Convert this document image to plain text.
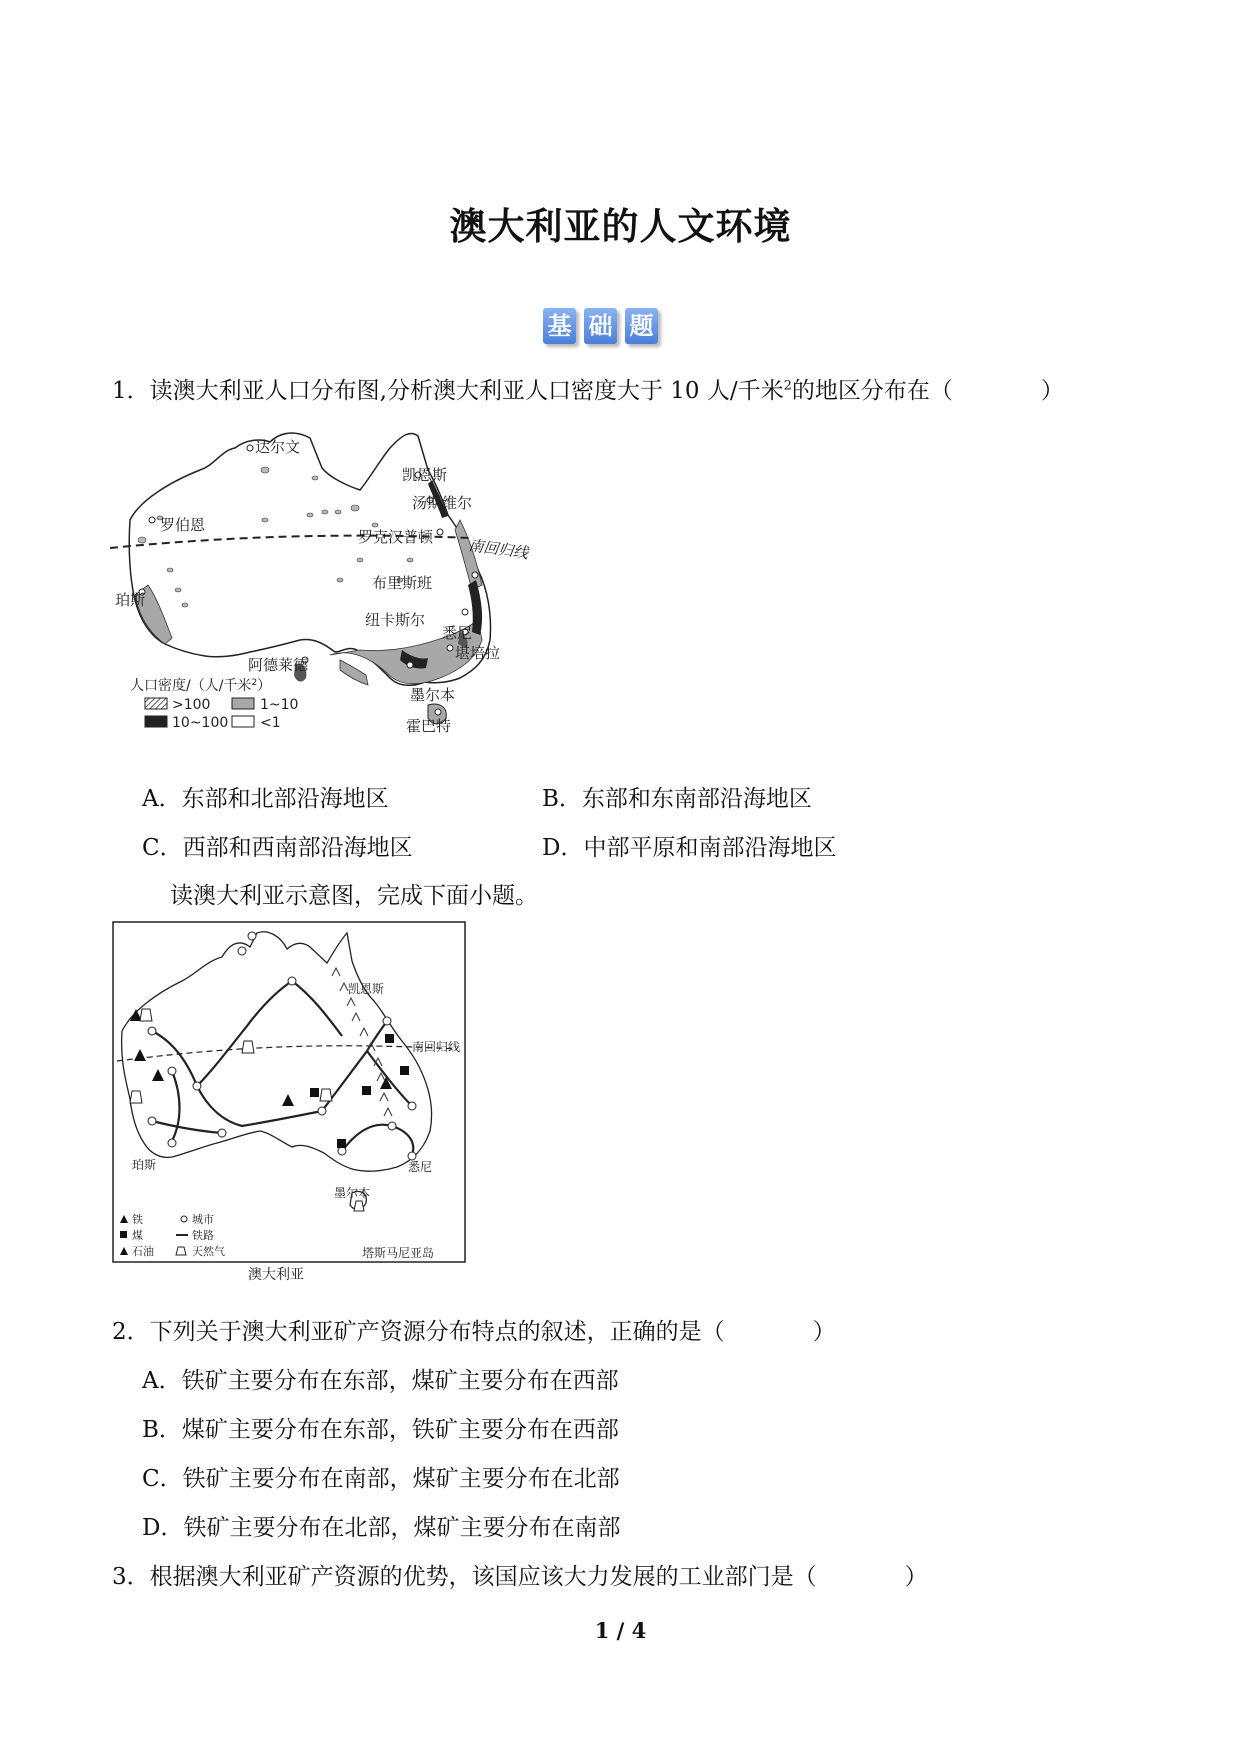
澳大利亚的人文环境
基 础 题
1．读澳大利亚人口分布图,分析澳大利亚人口密度大于 10 人/千米$^2$的地区分布在（	）
达尔文
凯恩斯
汤斯维尔
罗伯恩
罗克汉普顿
布里斯班
珀斯
纽卡斯尔
阿德莱德
悉尼
堪培拉
墨尔本
霍巴特
南回归线
人口密度/（人/千米$^2$）
>100	1~10
10~100 <1
A．东部和北部沿海地区	B．东部和东南部沿海地区
C．西部和西南部沿海地区	D．中部平原和南部沿海地区
读澳大利亚示意图，完成下面小题。
凯恩斯
南回归线
珀斯	悉尼
墨尔本
塔斯马尼亚岛
铁	城市
煤	铁路
石油	天然气
澳大利亚
2．下列关于澳大利亚矿产资源分布特点的叙述，正确的是（	）
A．铁矿主要分布在东部，煤矿主要分布在西部
B．煤矿主要分布在东部，铁矿主要分布在西部
C．铁矿主要分布在南部，煤矿主要分布在北部
D．铁矿主要分布在北部，煤矿主要分布在南部
3．根据澳大利亚矿产资源的优势，该国应该大力发展的工业部门是（	）
1 / 4
